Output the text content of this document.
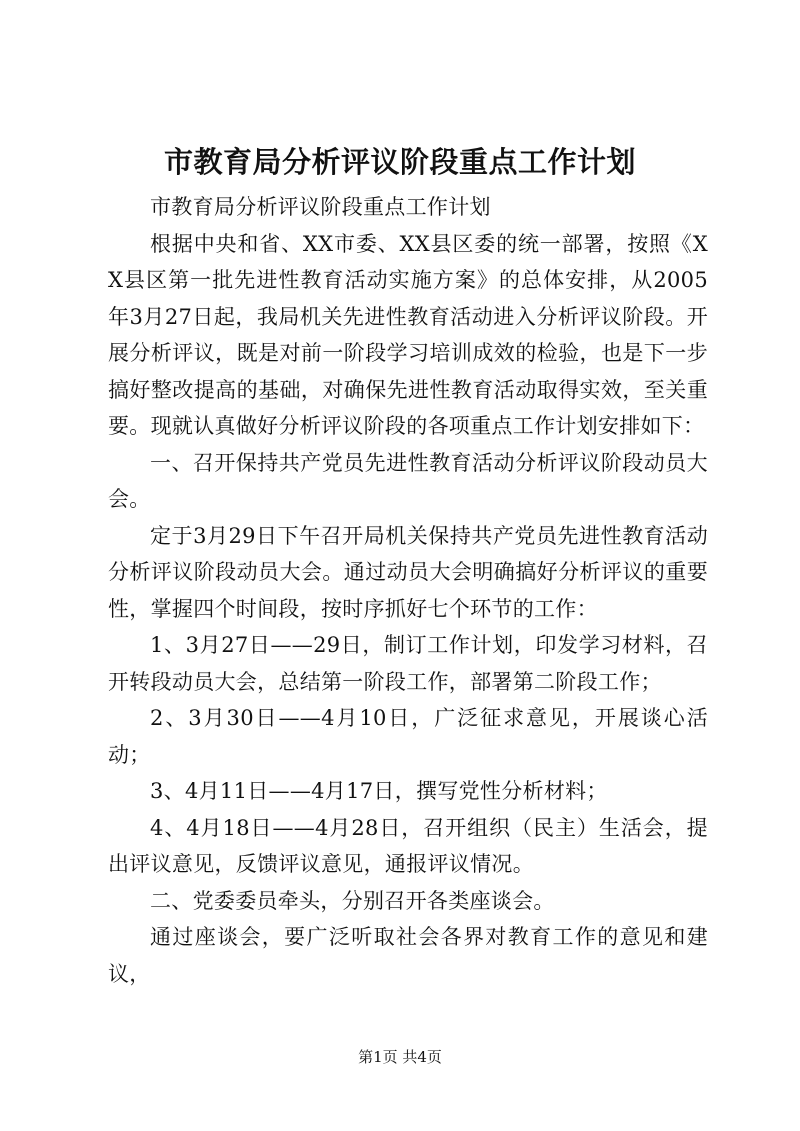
市教育局分析评议阶段重点工作计划

市教育局分析评议阶段重点工作计划

根据中央和省、XX市委、XX县区委的统一部署，按照《XX县区第一批先进性教育活动实施方案》的总体安排，从2005年3月27日起，我局机关先进性教育活动进入分析评议阶段。开展分析评议，既是对前一阶段学习培训成效的检验，也是下一步搞好整改提高的基础，对确保先进性教育活动取得实效，至关重要。现就认真做好分析评议阶段的各项重点工作计划安排如下：

一、召开保持共产党员先进性教育活动分析评议阶段动员大会。

定于3月29日下午召开局机关保持共产党员先进性教育活动分析评议阶段动员大会。通过动员大会明确搞好分析评议的重要性，掌握四个时间段，按时序抓好七个环节的工作：

1、3月27日——29日，制订工作计划，印发学习材料，召开转段动员大会，总结第一阶段工作，部署第二阶段工作；

2、3月30日——4月10日，广泛征求意见，开展谈心活动；

3、4月11日——4月17日，撰写党性分析材料；

4、4月18日——4月28日，召开组织（民主）生活会，提出评议意见，反馈评议意见，通报评议情况。

二、党委委员牵头，分别召开各类座谈会。

通过座谈会，要广泛听取社会各界对教育工作的意见和建议，

第1页 共4页
